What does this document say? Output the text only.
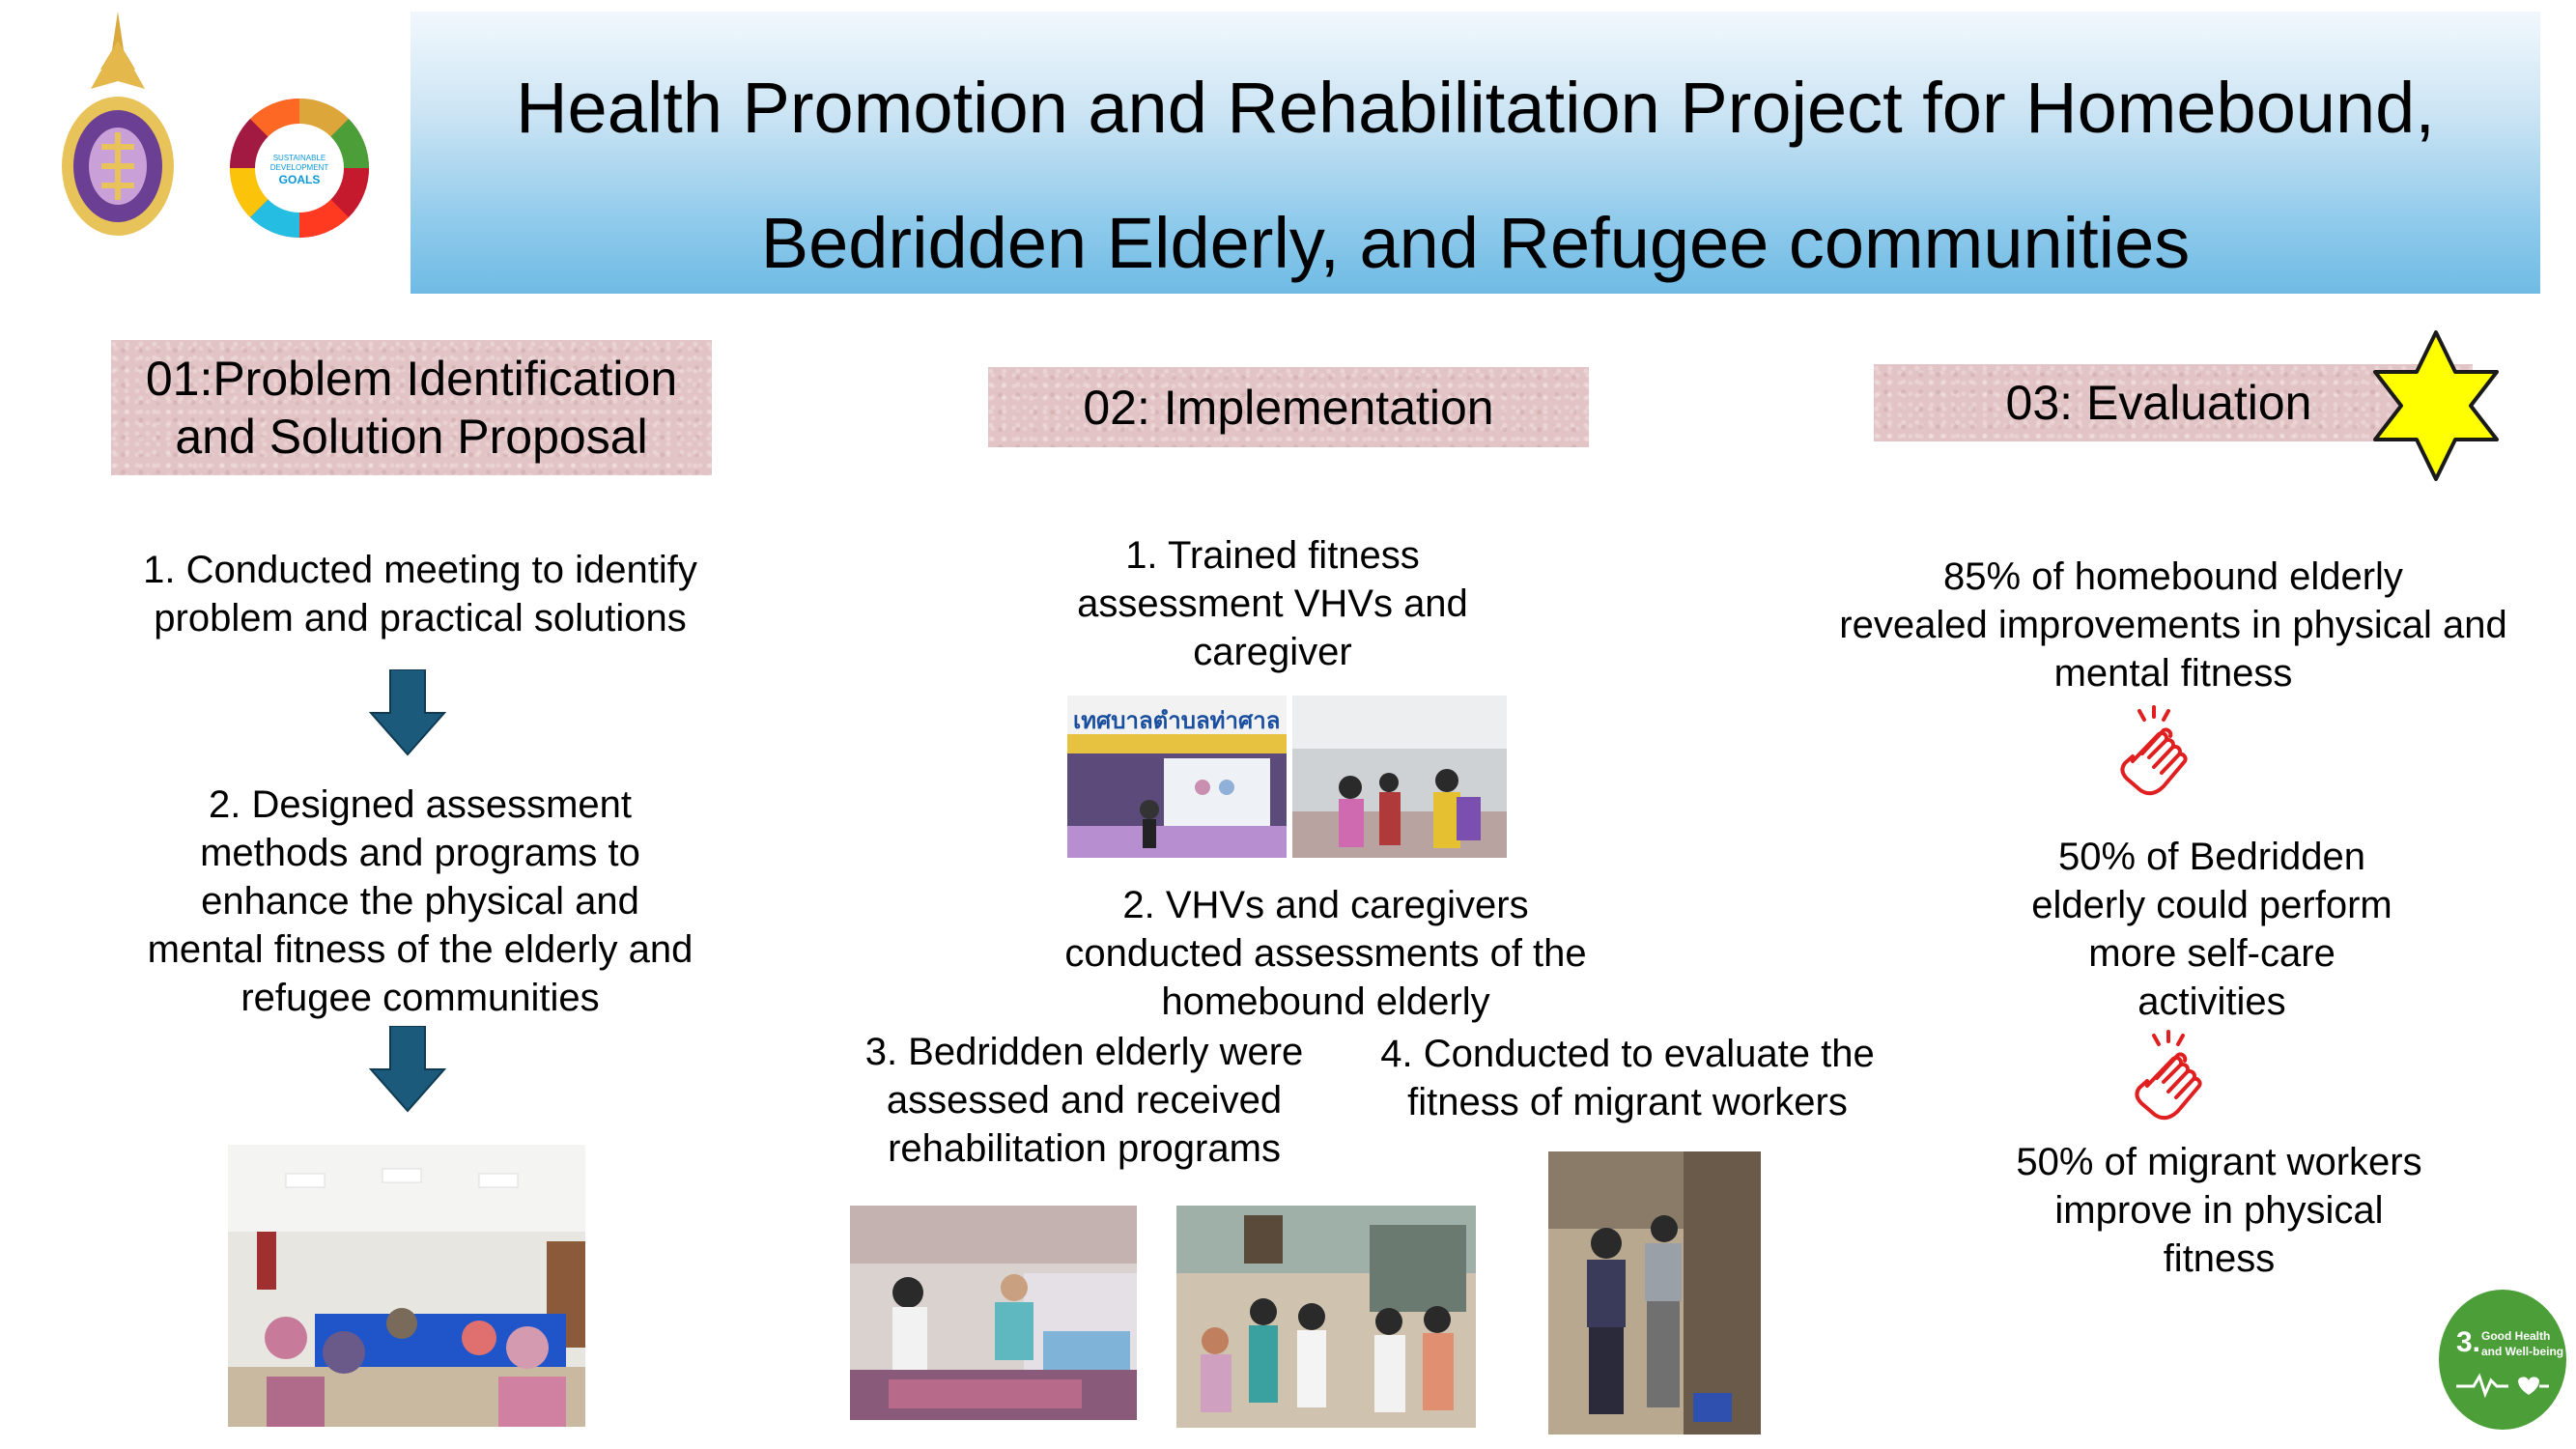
SUSTAINABLE
DEVELOPMENT
GOALS
Health Promotion and Rehabilitation Project for Homebound,
Bedridden Elderly, and Refugee communities
01:Problem Identification
and Solution Proposal
1. Conducted meeting to identify
problem and practical solutions
2. Designed assessment
methods and programs to
enhance the physical and
mental fitness of the elderly and
refugee communities
02: Implementation
1. Trained fitness
assessment VHVs and
caregiver
เทศบาลตำบลท่าศาล
2. VHVs and caregivers
conducted assessments of the
homebound elderly
3. Bedridden elderly were
assessed and received
rehabilitation programs
4. Conducted to evaluate the
fitness of migrant workers
03: Evaluation
85% of homebound elderly
revealed improvements in physical and
mental fitness
50% of Bedridden
elderly could perform
more self-care
activities
50% of migrant workers
improve in physical
fitness
3. Good Health
and Well-being
